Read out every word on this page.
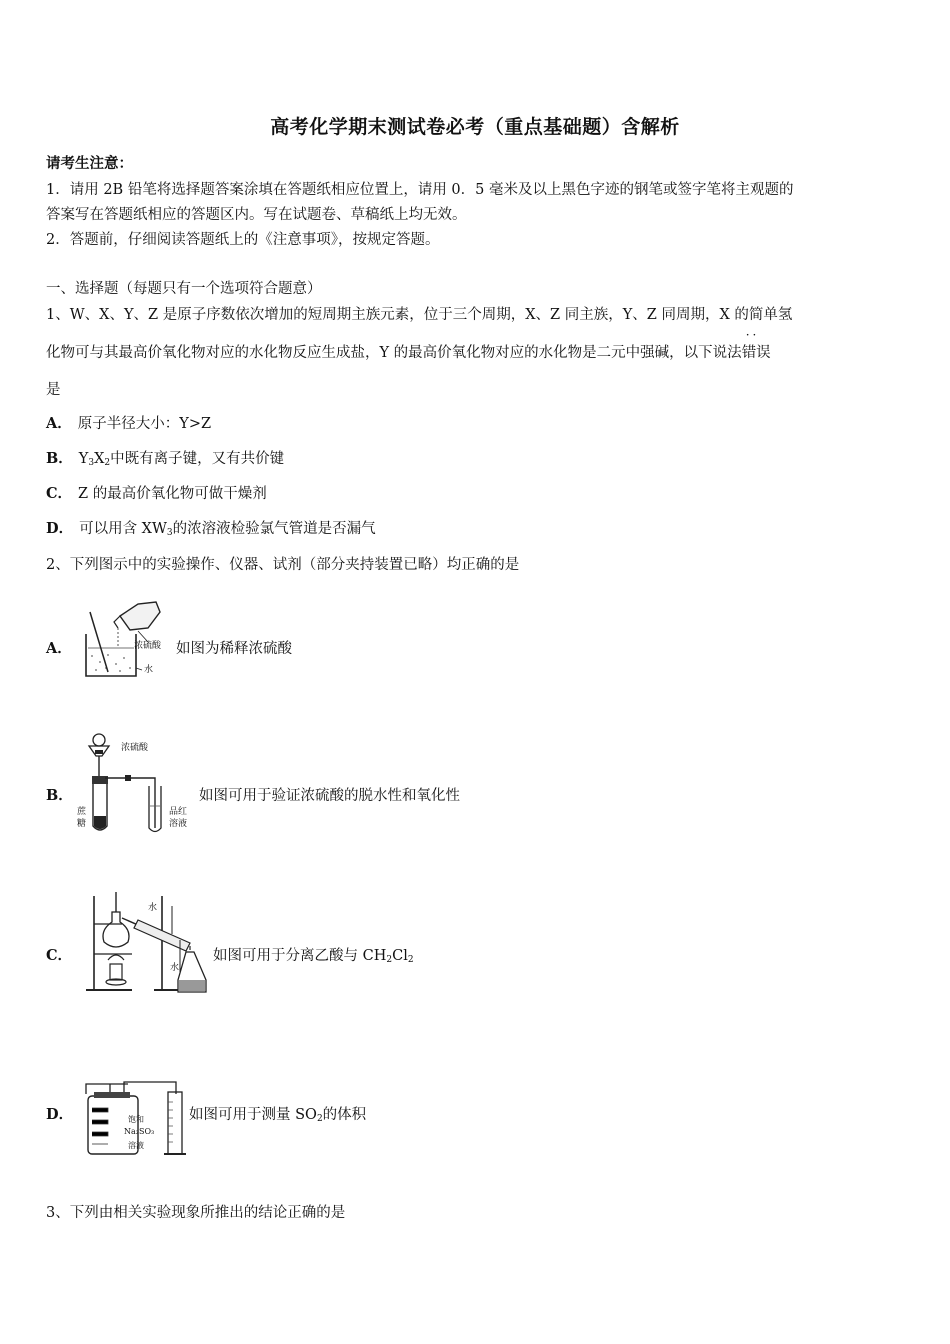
高考化学期末测试卷必考（重点基础题）含解析
请考生注意：
1．请用 2B 铅笔将选择题答案涂填在答题纸相应位置上，请用 0．5 毫米及以上黑色字迹的钢笔或签字笔将主观题的
答案写在答题纸相应的答题区内。写在试题卷、草稿纸上均无效。
2．答题前，仔细阅读答题纸上的《注意事项》，按规定答题。
一、选择题（每题只有一个选项符合题意）
1、W、X、Y、Z 是原子序数依次增加的短周期主族元素，位于三个周期，X、Z 同主族，Y、Z 同周期，X 的简单氢
化物可与其最高价氧化物对应的水化物反应生成盐，Y 的最高价氧化物对应的水化物是二元中强碱，以下说法·· 错误
是
A． 原子半径大小：Y>Z
B． $Y_3X_2$中既有离子键，又有共价键
C． Z 的最高价氧化物可做干燥剂
D． 可以用含 $XW_3$的浓溶液检验氯气管道是否漏气
2、下列图示中的实验操作、仪器、试剂（部分夹持装置已略）均正确的是
A．	浓硫酸
水
如图为稀释浓硫酸
B．
浓硫酸
蔗
糖
品红
溶液
如图可用于验证浓硫酸的脱水性和氧化性
C．
水
水
如图可用于分离乙酸与 $CH_2Cl_2$
D．	饱和
Na₂SO₃
溶液
如图可用于测量 $SO_2$的体积
3、下列由相关实验现象所推出的结论正确的是
